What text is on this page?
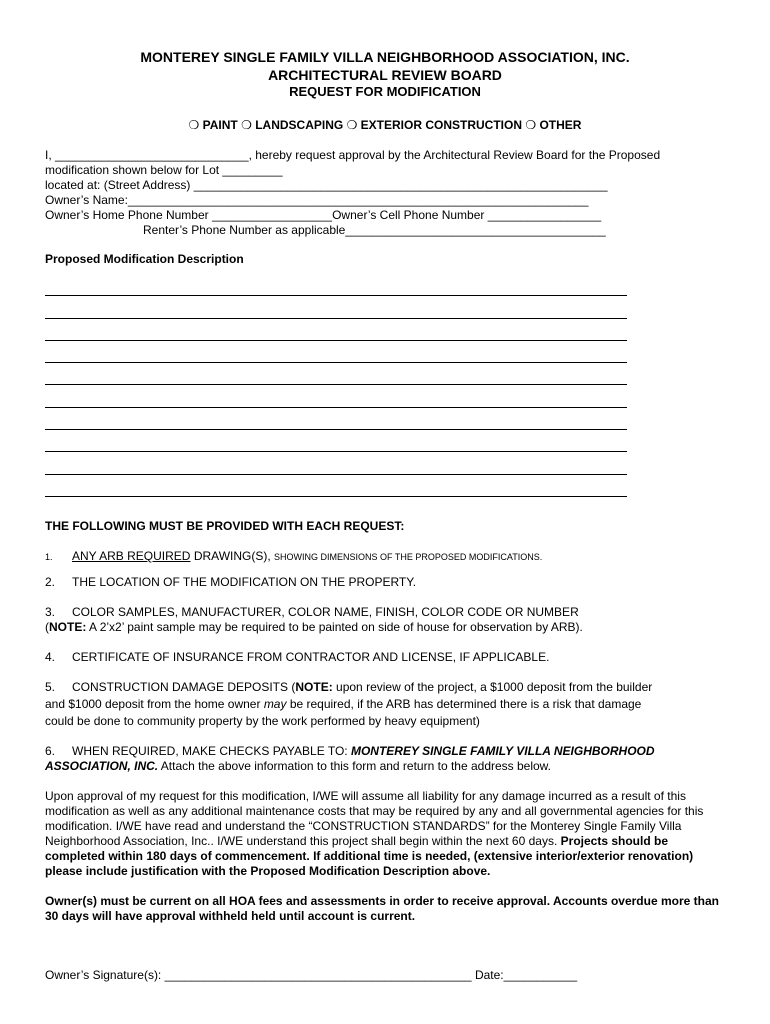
MONTEREY SINGLE FAMILY VILLA NEIGHBORHOOD ASSOCIATION, INC.
ARCHITECTURAL REVIEW BOARD
REQUEST FOR MODIFICATION
❍ PAINT ❍ LANDSCAPING ❍ EXTERIOR CONSTRUCTION ❍ OTHER
I, _____________________________, hereby request approval by the Architectural Review Board for the Proposed
modification shown below for Lot _________
located at: (Street Address) ______________________________________________________________
Owner’s Name:_____________________________________________________________________
Owner’s Home Phone Number __________________Owner’s Cell Phone Number _________________
Renter’s Phone Number as applicable_______________________________________
Proposed Modification Description
THE FOLLOWING MUST BE PROVIDED WITH EACH REQUEST:
1. ANY ARB REQUIRED DRAWING(S), SHOWING DIMENSIONS OF THE PROPOSED MODIFICATIONS.
2. THE LOCATION OF THE MODIFICATION ON THE PROPERTY.
3. COLOR SAMPLES, MANUFACTURER, COLOR NAME, FINISH, COLOR CODE OR NUMBER
(NOTE: A 2’x2’ paint sample may be required to be painted on side of house for observation by ARB).
4. CERTIFICATE OF INSURANCE FROM CONTRACTOR AND LICENSE, IF APPLICABLE.
5. CONSTRUCTION DAMAGE DEPOSITS (NOTE: upon review of the project, a $1000 deposit from the builder
and $1000 deposit from the home owner may be required, if the ARB has determined there is a risk that damage
could be done to community property by the work performed by heavy equipment)
6. WHEN REQUIRED, MAKE CHECKS PAYABLE TO: MONTEREY SINGLE FAMILY VILLA NEIGHBORHOOD ASSOCIATION, INC. Attach the above information to this form and return to the address below.
Upon approval of my request for this modification, I/WE will assume all liability for any damage incurred as a result of this modification as well as any additional maintenance costs that may be required by any and all governmental agencies for this modification. I/WE have read and understand the “CONSTRUCTION STANDARDS” for the Monterey Single Family Villa Neighborhood Association, Inc.. I/WE understand this project shall begin within the next 60 days. Projects should be completed within 180 days of commencement. If additional time is needed, (extensive interior/exterior renovation) please include justification with the Proposed Modification Description above.
Owner(s) must be current on all HOA fees and assessments in order to receive approval. Accounts overdue more than 30 days will have approval withheld held until account is current.
Owner’s Signature(s): ______________________________________________ Date:___________
